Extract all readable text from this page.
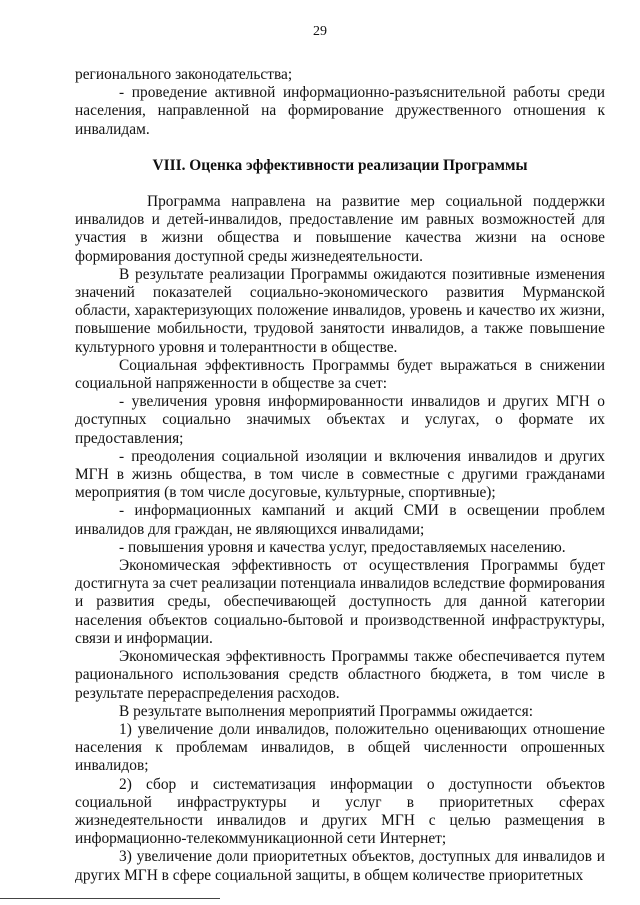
29

регионального законодательства;

- проведение активной информационно-разъяснительной работы среди населения, направленной на формирование дружественного отношения к инвалидам.

VIII. Оценка эффективности реализации Программы

Программа направлена на развитие мер социальной поддержки инвалидов и детей-инвалидов, предоставление им равных возможностей для участия в жизни общества и повышение качества жизни на основе формирования доступной среды жизнедеятельности.

В результате реализации Программы ожидаются позитивные изменения значений показателей социально-экономического развития Мурманской области, характеризующих положение инвалидов, уровень и качество их жизни, повышение мобильности, трудовой занятости инвалидов, а также повышение культурного уровня и толерантности в обществе.

Социальная эффективность Программы будет выражаться в снижении социальной напряженности в обществе за счет:

- увеличения уровня информированности инвалидов и других МГН о доступных социально значимых объектах и услугах, о формате их предоставления;

- преодоления социальной изоляции и включения инвалидов и других МГН в жизнь общества, в том числе в совместные с другими гражданами мероприятия (в том числе досуговые, культурные, спортивные);

- информационных кампаний и акций СМИ в освещении проблем инвалидов для граждан, не являющихся инвалидами;

- повышения уровня и качества услуг, предоставляемых населению.

Экономическая эффективность от осуществления Программы будет достигнута за счет реализации потенциала инвалидов вследствие формирования и развития среды, обеспечивающей доступность для данной категории населения объектов социально-бытовой и производственной инфраструктуры, связи и информации.

Экономическая эффективность Программы также обеспечивается путем рационального использования средств областного бюджета, в том числе в результате перераспределения расходов.

В результате выполнения мероприятий Программы ожидается:

1) увеличение доли инвалидов, положительно оценивающих отношение населения к проблемам инвалидов, в общей численности опрошенных инвалидов;

2) сбор и систематизация информации о доступности объектов социальной инфраструктуры и услуг в приоритетных сферах жизнедеятельности инвалидов и других МГН с целью размещения в информационно-телекоммуникационной сети Интернет;

3) увеличение доли приоритетных объектов, доступных для инвалидов и других МГН в сфере социальной защиты, в общем количестве приоритетных
